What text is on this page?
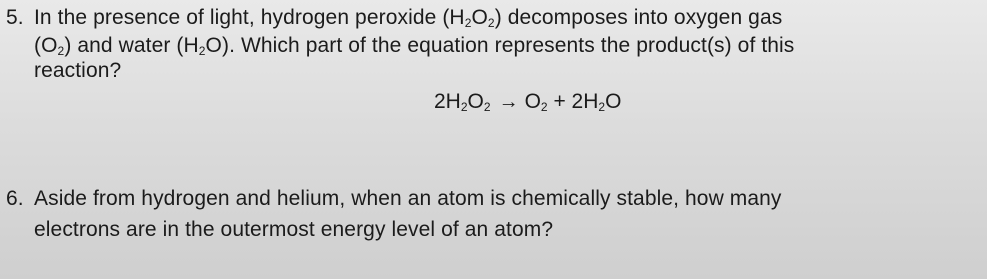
5. In the presence of light, hydrogen peroxide $(H_2O_2)$ decomposes into oxygen gas
$(O_2)$ and water $(H_2O)$. Which part of the equation represents the product(s) of this
reaction?
$2H_2O_2 \to O_2 + 2H_2O$
6. Aside from hydrogen and helium, when an atom is chemically stable, how many
electrons are in the outermost energy level of an atom?
